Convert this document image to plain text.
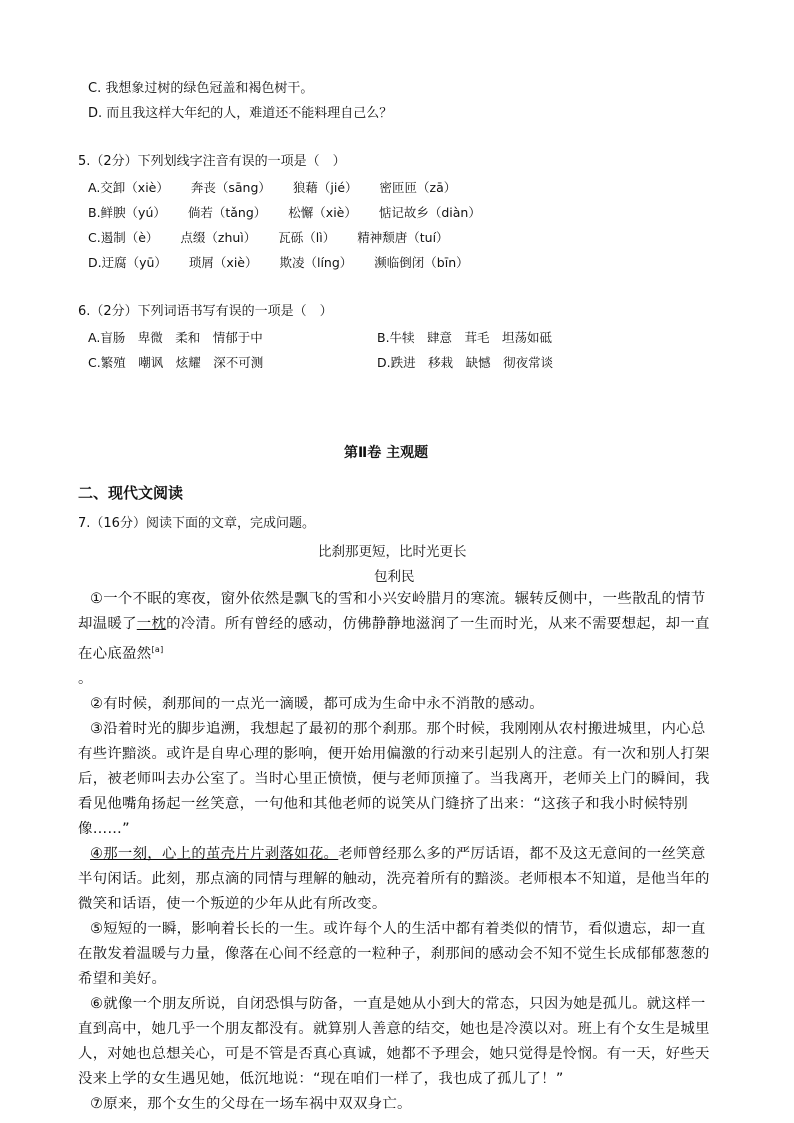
C. 我想象过树的绿色冠盖和褐色树干。
D. 而且我这样大年纪的人，难道还不能料理自己么？
5.（2分）下列划线字注音有误的一项是（　）
A.交卸（xiè） 奔丧（sāng） 狼藉（jié） 密匝匝（zā）
B.鲜腴（yú） 倘若（tǎng） 松懈（xiè） 惦记故乡（diàn）
C.遏制（è） 点缀（zhuì） 瓦砾（lì） 精神颓唐（tuí）
D.迂腐（yū） 琐屑（xiè） 欺凌（líng） 濒临倒闭（bīn）
6.（2分）下列词语书写有误的一项是（　）
A.盲肠　卑微　柔和　情郁于中	B.牛犊　肆意　茸毛　坦荡如砥
C.繁殖　嘲讽　炫耀　深不可测	D.跌进　移栽　缺憾　彻夜常谈
第Ⅱ卷 主观题
二、现代文阅读
7.（16分）阅读下面的文章，完成问题。
比刹那更短，比时光更长
包利民
①一个不眠的寒夜，窗外依然是飘飞的雪和小兴安岭腊月的寒流。辗转反侧中，一些散乱的情节却温暖了一枕的冷清。所有曾经的感动，仿佛静静地滋润了一生而时光，从来不需要想起，却一直在心底盈然[a]
。
②有时候，刹那间的一点光一滴暖，都可成为生命中永不消散的感动。
③沿着时光的脚步追溯，我想起了最初的那个刹那。那个时候，我刚刚从农村搬进城里，内心总有些许黯淡。或许是自卑心理的影响，便开始用偏激的行动来引起别人的注意。有一次和别人打架后，被老师叫去办公室了。当时心里正愤愤，便与老师顶撞了。当我离开，老师关上门的瞬间，我看见他嘴角扬起一丝笑意，一句他和其他老师的说笑从门缝挤了出来：“这孩子和我小时候特别像……”
④那一刻，心上的茧壳片片剥落如花。老师曾经那么多的严厉话语，都不及这无意间的一丝笑意半句闲话。此刻，那点滴的同情与理解的触动，洗亮着所有的黯淡。老师根本不知道，是他当年的微笑和话语，使一个叛逆的少年从此有所改变。
⑤短短的一瞬，影响着长长的一生。或许每个人的生活中都有着类似的情节，看似遗忘，却一直在散发着温暖与力量，像落在心间不经意的一粒种子，刹那间的感动会不知不觉生长成郁郁葱葱的希望和美好。
⑥就像一个朋友所说，自闭恐惧与防备，一直是她从小到大的常态，只因为她是孤儿。就这样一直到高中，她几乎一个朋友都没有。就算别人善意的结交，她也是冷漠以对。班上有个女生是城里人，对她也总想关心，可是不管是否真心真诚，她都不予理会，她只觉得是怜悯。有一天，好些天没来上学的女生遇见她，低沉地说：“现在咱们一样了，我也成了孤儿了！”
⑦原来，那个女生的父母在一场车祸中双双身亡。
